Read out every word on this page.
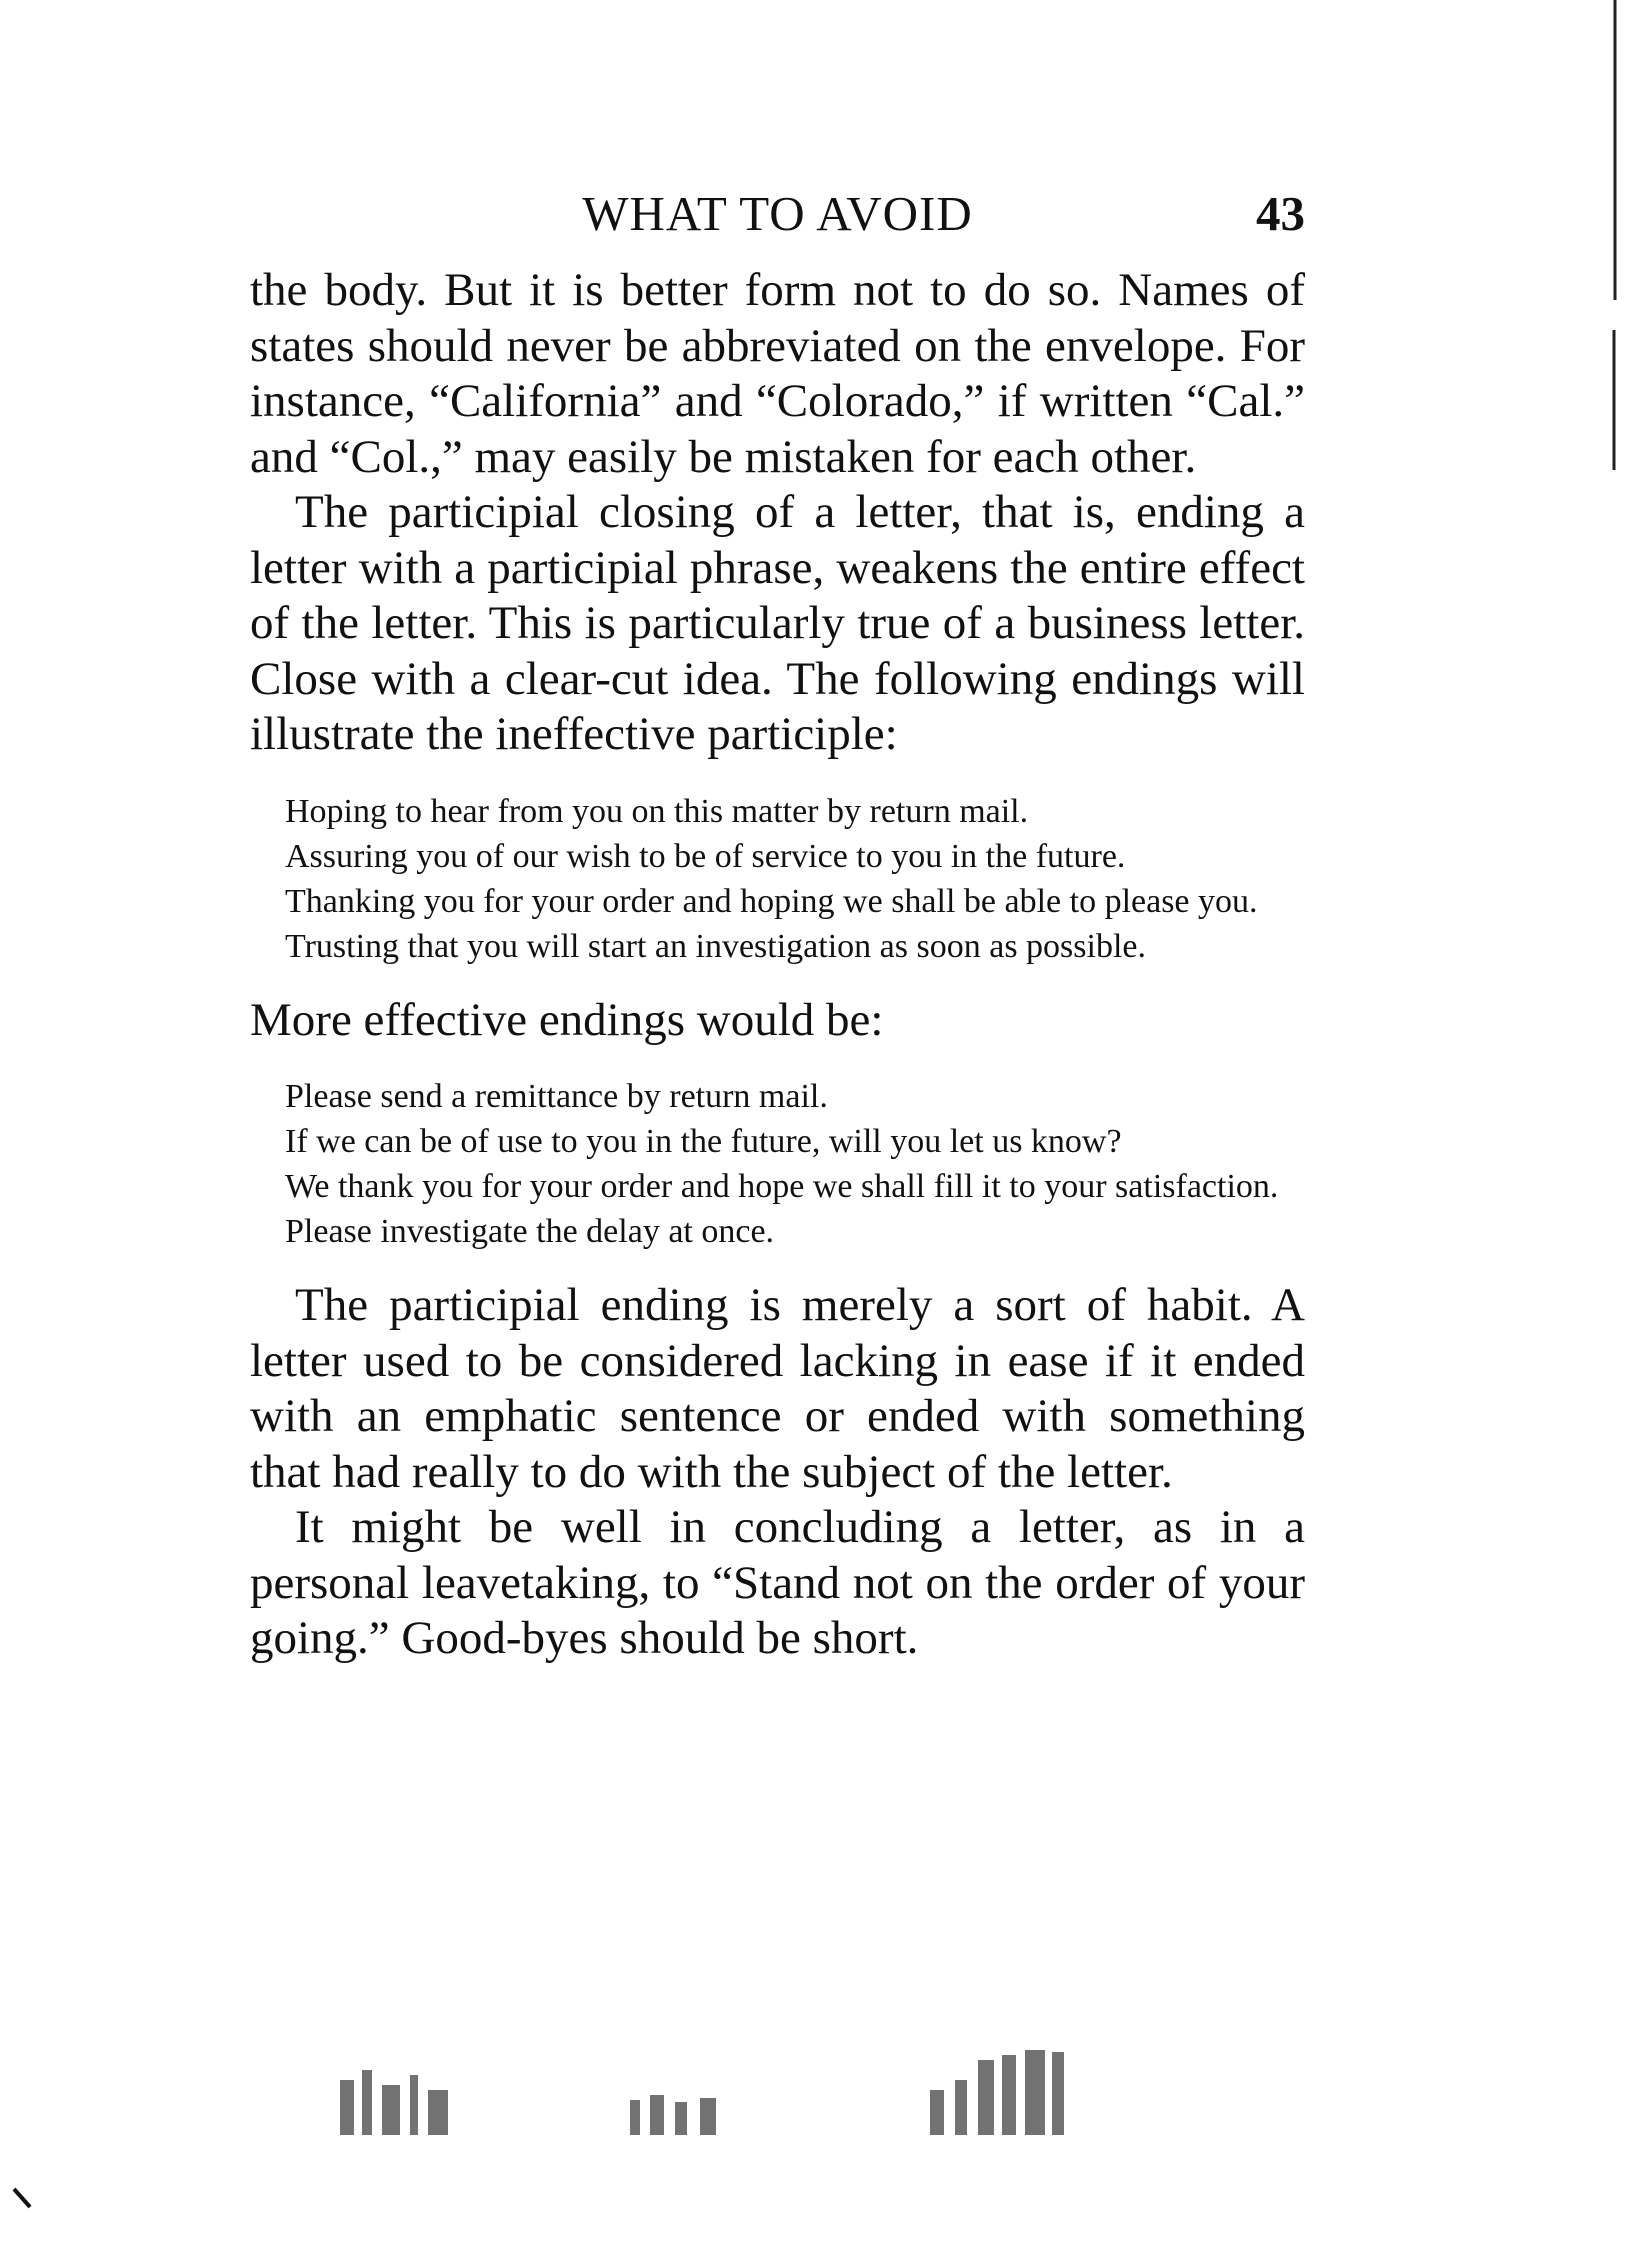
WHAT TO AVOID	43

the body. But it is better form not to do so. Names of states should never be abbreviated on the envelope. For instance, “California” and “Colorado,” if written “Cal.” and “Col.,” may easily be mistaken for each other.

The participial closing of a letter, that is, ending a letter with a participial phrase, weakens the entire effect of the letter. This is particularly true of a business letter. Close with a clear-cut idea. The following endings will illustrate the ineffective participle:

Hoping to hear from you on this matter by return mail.
Assuring you of our wish to be of service to you in the future.
Thanking you for your order and hoping we shall be able to please you.
Trusting that you will start an investigation as soon as possible.

More effective endings would be:

Please send a remittance by return mail.
If we can be of use to you in the future, will you let us know?
We thank you for your order and hope we shall fill it to your satisfaction.
Please investigate the delay at once.

The participial ending is merely a sort of habit. A letter used to be considered lacking in ease if it ended with an emphatic sentence or ended with something that had really to do with the subject of the letter.

It might be well in concluding a letter, as in a personal leavetaking, to “Stand not on the order of your going.” Good-byes should be short.
